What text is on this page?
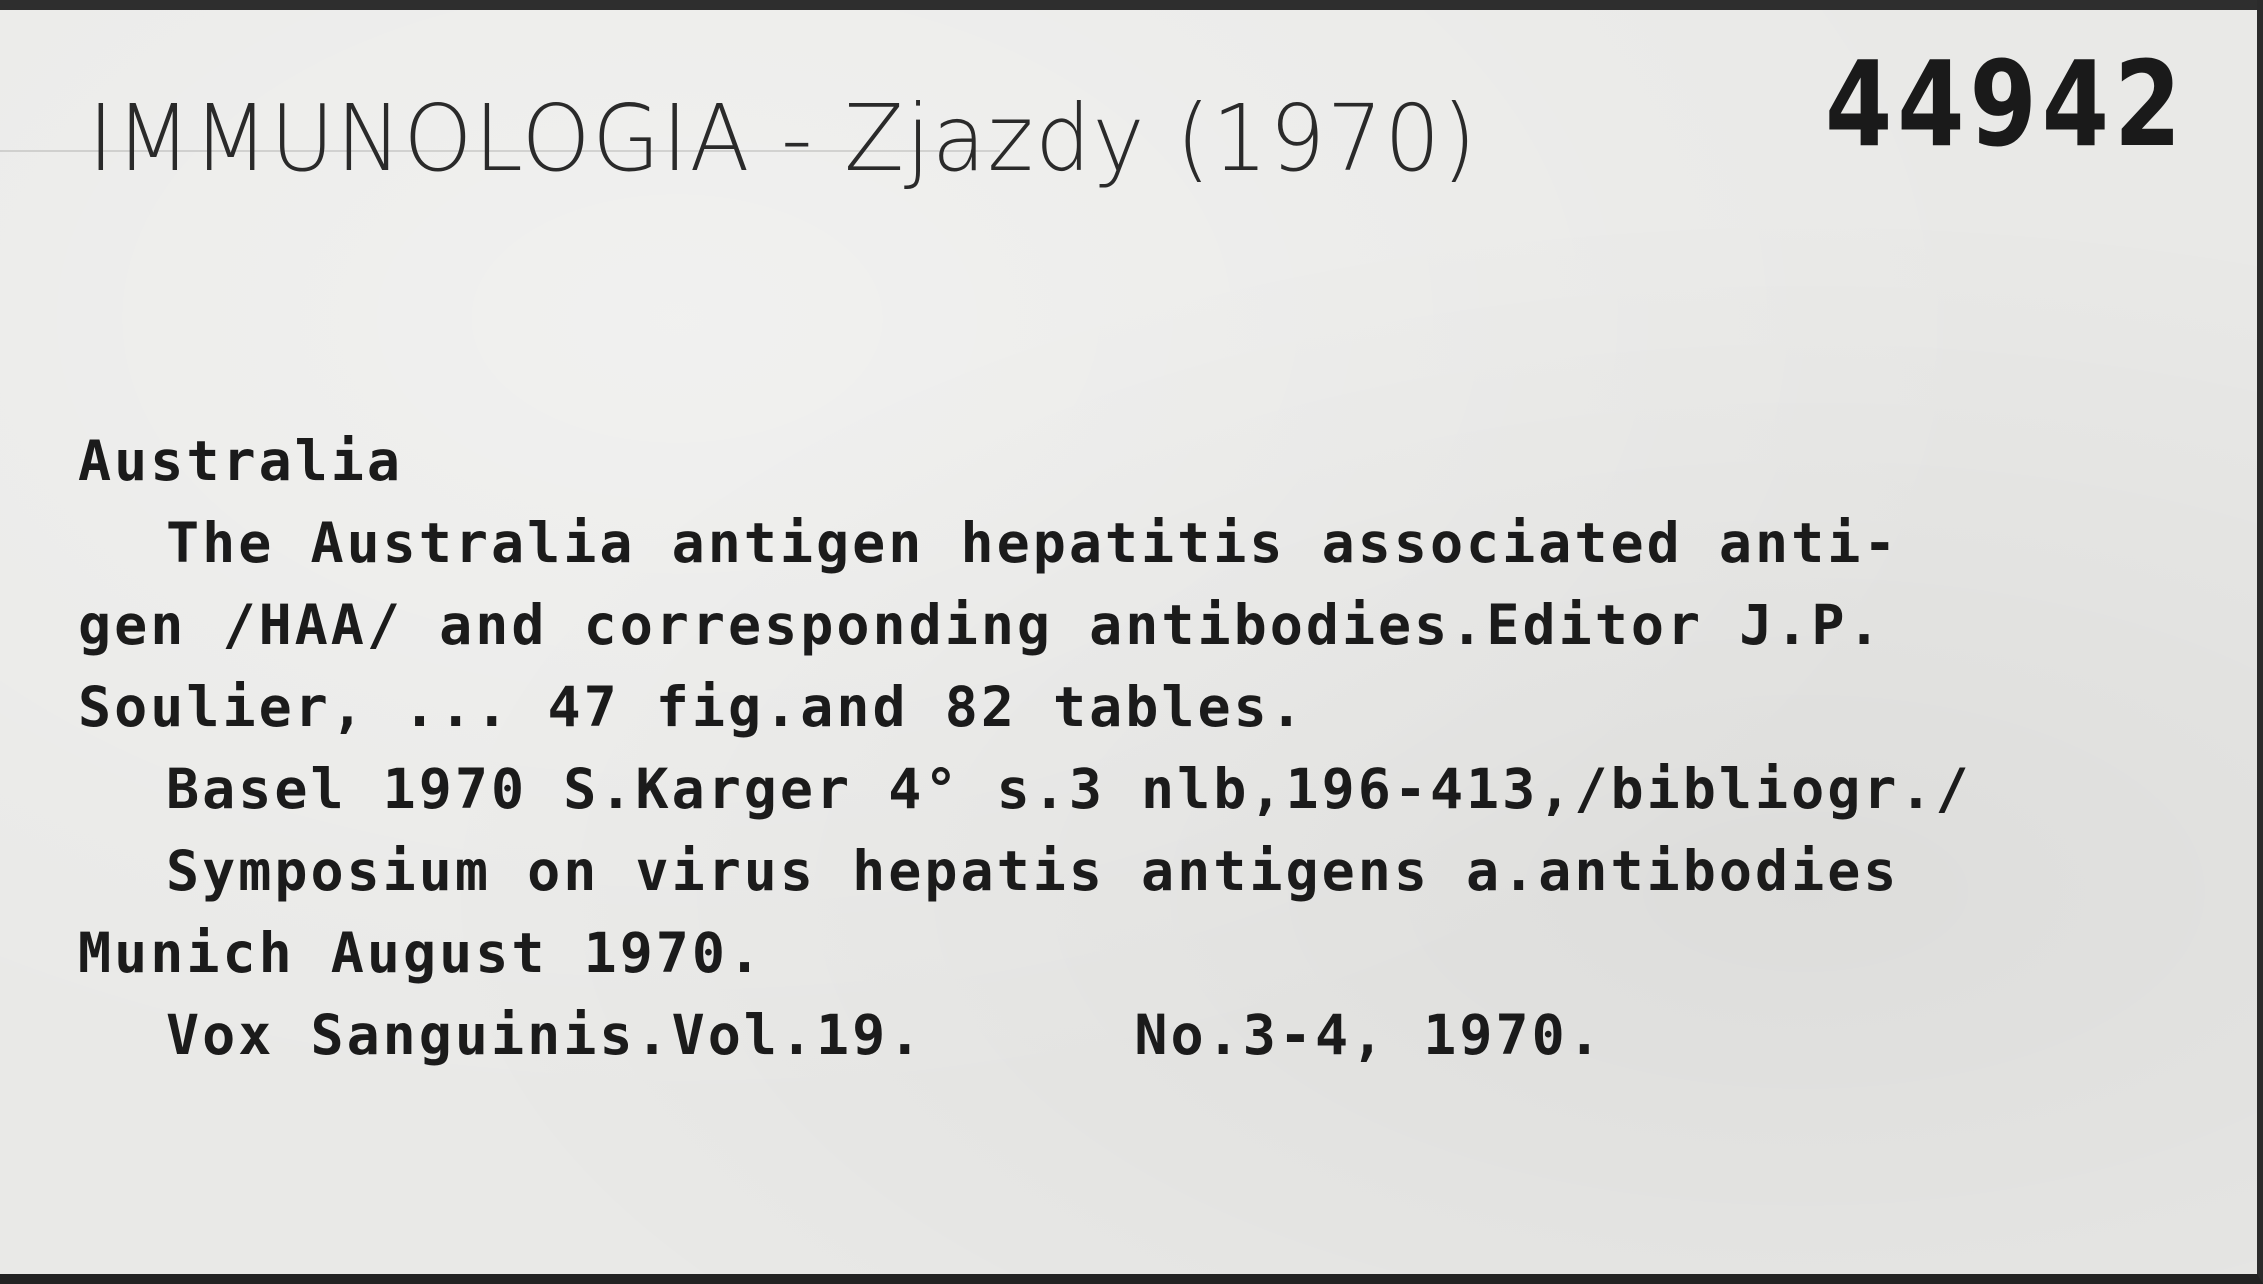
IMMUNOLOGIA - Zjazdy (1970)	44942
Australia
The Australia antigen hepatitis associated anti-
gen /HAA/ and corresponding antibodies.Editor J.P.
Soulier, ... 47 fig.and 82 tables.
Basel 1970 S.Karger 4° s.3 nlb,196-413,/bibliogr./
Symposium on virus hepatis antigens a.antibodies
Munich August 1970.
Vox Sanguinis.Vol.19.	No.3-4, 1970.
